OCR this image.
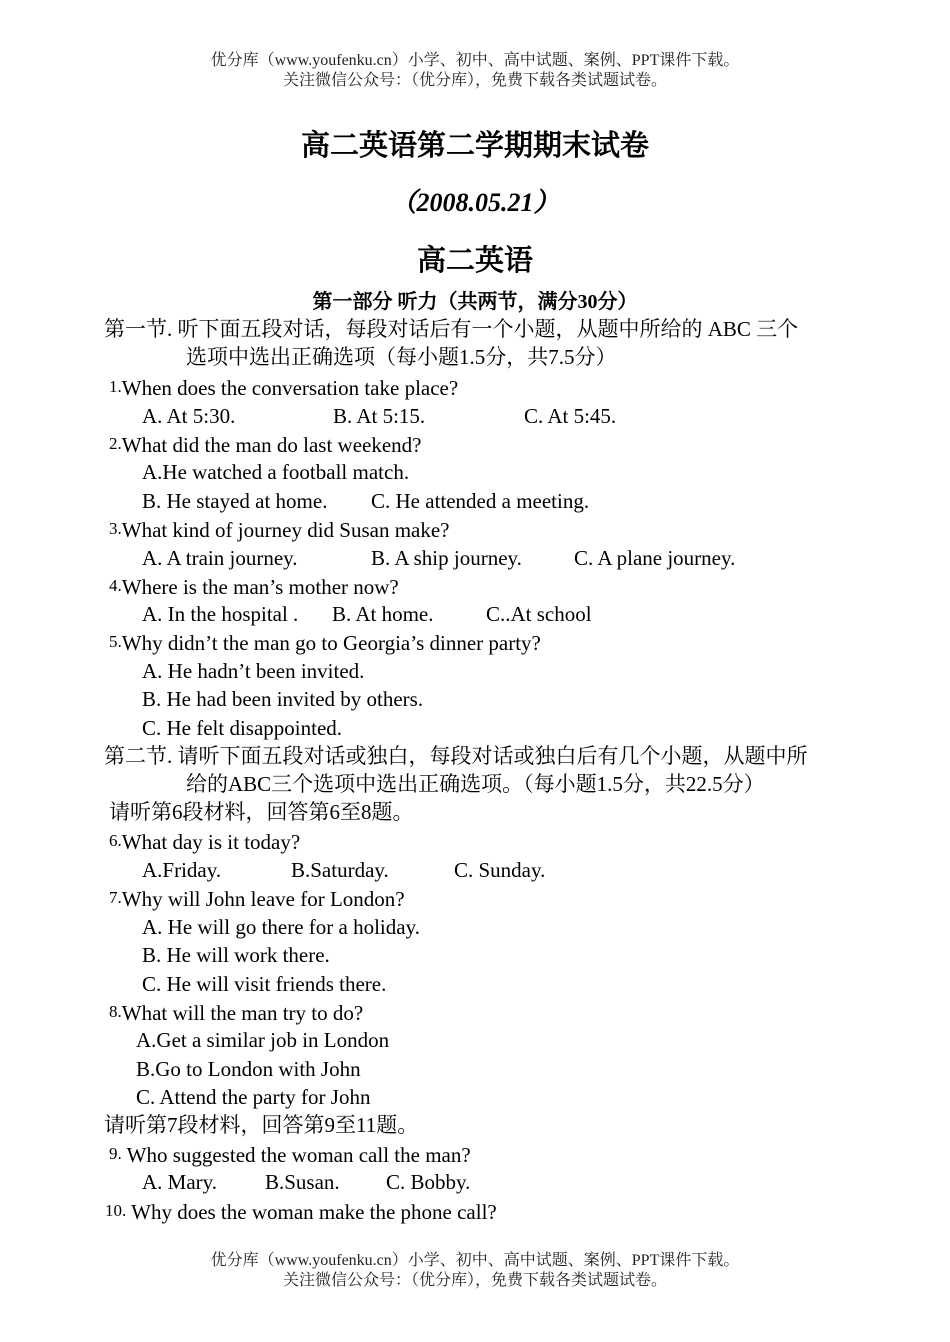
优分库（www.youfenku.cn）小学、初中、高中试题、案例、PPT课件下载。
关注微信公众号：（优分库），免费下载各类试题试卷。
高二英语第二学期期末试卷
（2008.05.21）
高二英语
第一部分 听力（共两节，满分30分）
第一节. 听下面五段对话，每段对话后有一个小题，从题中所给的 ABC 三个
选项中选出正确选项（每小题1.5分，共7.5分）
1.When does the conversation take place?
A. At 5:30.	B. At 5:15.	C. At 5:45.
2.What did the man do last weekend?
A.He watched a football match.
B. He stayed at home. C. He attended a meeting.
3.What kind of journey did Susan make?
A. A train journey.	B. A ship journey. C. A plane journey.
4.Where is the man’s mother now?
A. In the hospital . B. At home. C..At school
5.Why didn’t the man go to Georgia’s dinner party?
A. He hadn’t been invited.
B. He had been invited by others.
C. He felt disappointed.
第二节. 请听下面五段对话或独白，每段对话或独白后有几个小题，从题中所
给的ABC三个选项中选出正确选项。（每小题1.5分，共22.5分）
请听第6段材料，回答第6至8题。
6.What day is it today?
A.Friday.	B.Saturday.	C. Sunday.
7.Why will John leave for London?
A. He will go there for a holiday.
B. He will work there.
C. He will visit friends there.
8.What will the man try to do?
A.Get a similar job in London
B.Go to London with John
C. Attend the party for John
请听第7段材料，回答第9至11题。
9. Who suggested the woman call the man?
A. Mary. B.Susan. C. Bobby.
10. Why does the woman make the phone call?
优分库（www.youfenku.cn）小学、初中、高中试题、案例、PPT课件下载。
关注微信公众号：（优分库），免费下载各类试题试卷。
